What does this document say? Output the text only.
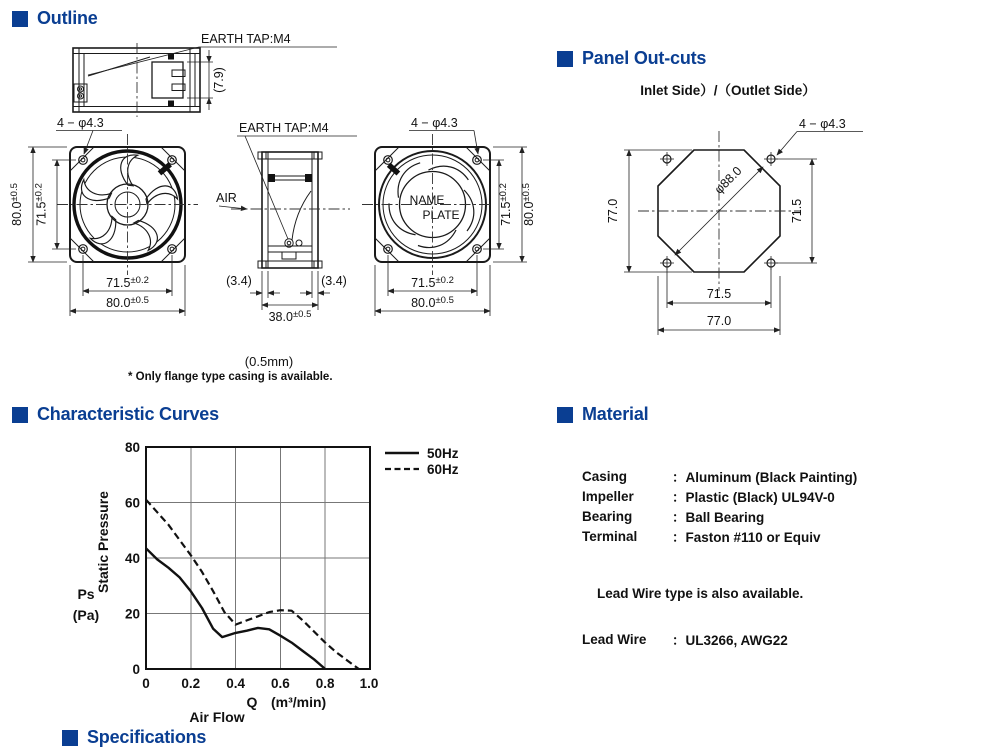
Outline
Panel Out-cuts
Characteristic Curves	Material
Specifications
(7.9)
EARTH TAP:M4
4 − φ4.3
$80.0^{\pm 0.5}$
$71.5^{\pm 0.2}$
$71.5^{\pm 0.2}$
$80.0^{\pm 0.5}$
AIR
EARTH TAP:M4
(3.4)	(3.4)
$38.0^{\pm 0.5}$
NAME
PLATE
4 − φ4.3
$71.5^{\pm 0.2}$
$80.0^{\pm 0.5}$
$71.5^{\pm 0.2}$
$80.0^{\pm 0.5}$
(0.5mm)
* Only flange type casing is available.
Inlet Side）/（Outlet Side）
φ88.0
4 − φ4.3
77.0	71.5
71.5
77.0
80
60
40
20
0
0 0.2 0.4 0.6 0.8 1.0
Static Pressure
Ps
(Pa)
Q (m³/min)
Air Flow
50Hz
60Hz	Casing	：Aluminum (Black Painting)
Impeller	：Plastic (Black) UL94V-0
Bearing	：Ball Bearing
Terminal	：Faston #110 or Equiv
Lead Wire type is also available.
Lead Wire	：UL3266, AWG22
